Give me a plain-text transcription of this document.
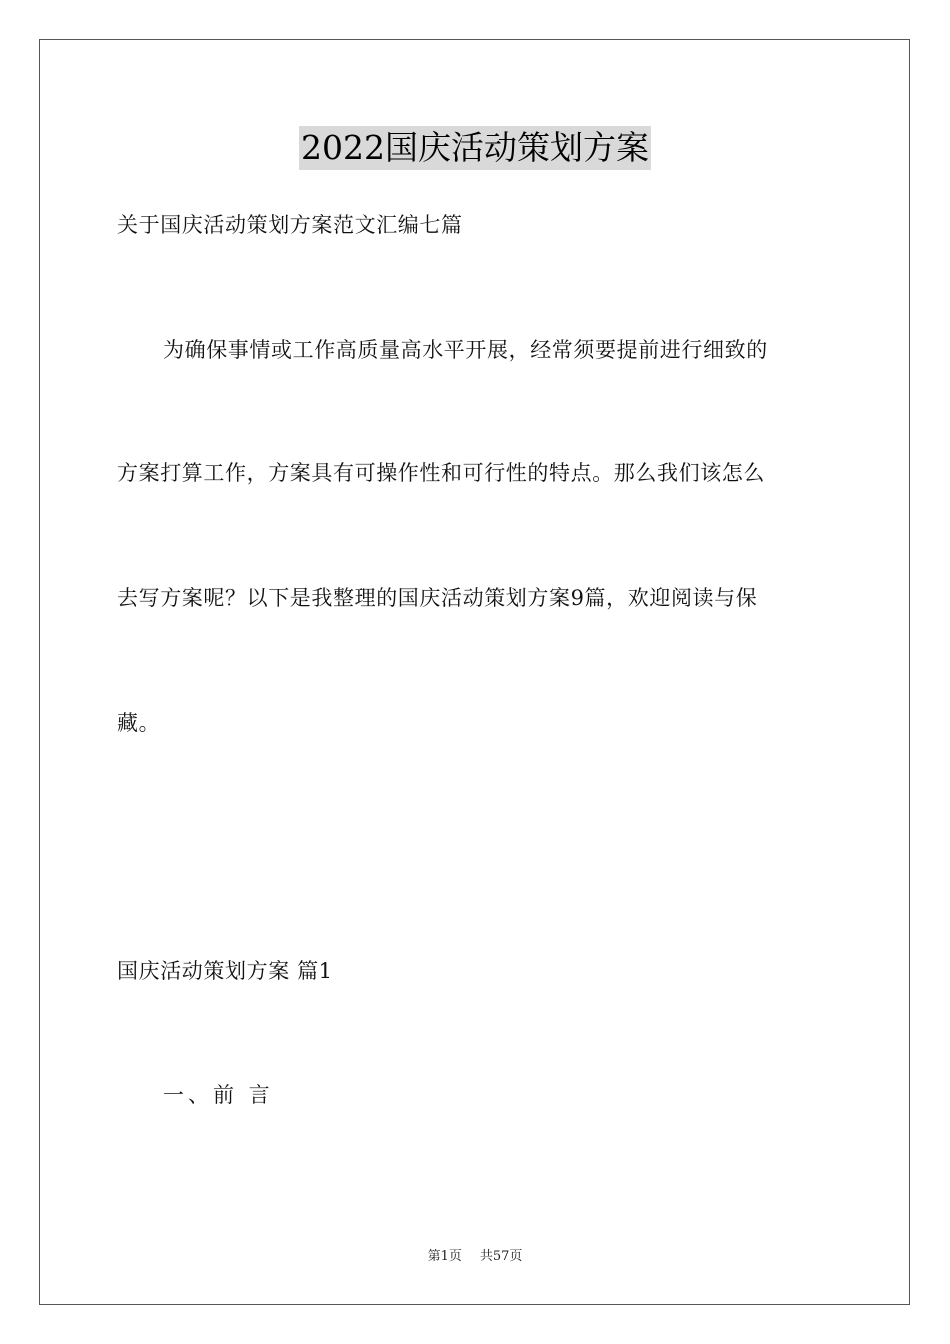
2022国庆活动策划方案
关于国庆活动策划方案范文汇编七篇
为确保事情或工作高质量高水平开展，经常须要提前进行细致的
方案打算工作，方案具有可操作性和可行性的特点。那么我们该怎么
去写方案呢？以下是我整理的国庆活动策划方案9篇，欢迎阅读与保
藏。
国庆活动策划方案 篇1
一、前 言
第1页 共57页
